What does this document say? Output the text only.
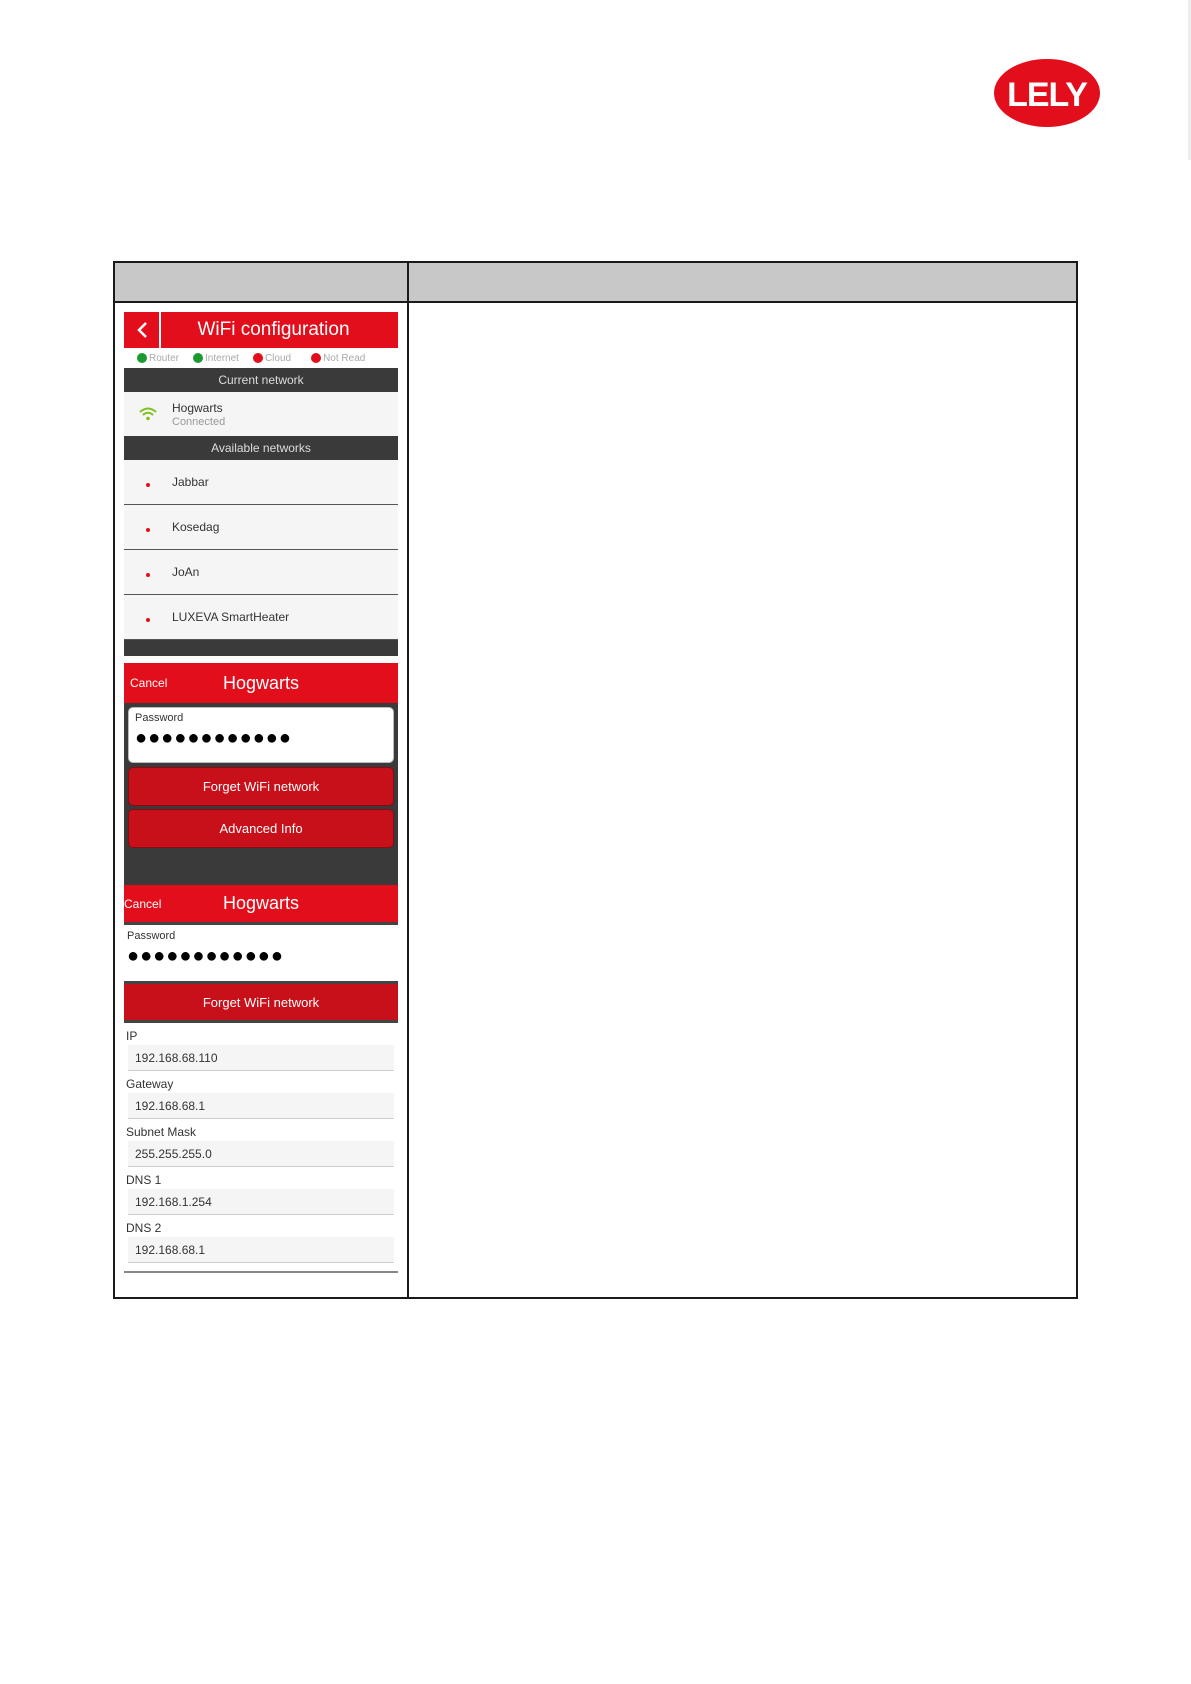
LELY
WiFi configuration
Router	Internet	Cloud	Not Read
Current network
Hogwarts
Connected
Available networks
Jabbar
Kosedag
JoAn
LUXEVA SmartHeater
Cancel	Hogwarts
Password
●●●●●●●●●●●●
Forget WiFi network
Advanced Info
Cancel	Hogwarts
Password
●●●●●●●●●●●●
Forget WiFi network
IP
192.168.68.110
Gateway
192.168.68.1
Subnet Mask
255.255.255.0
DNS 1
192.168.1.254
DNS 2
192.168.68.1
